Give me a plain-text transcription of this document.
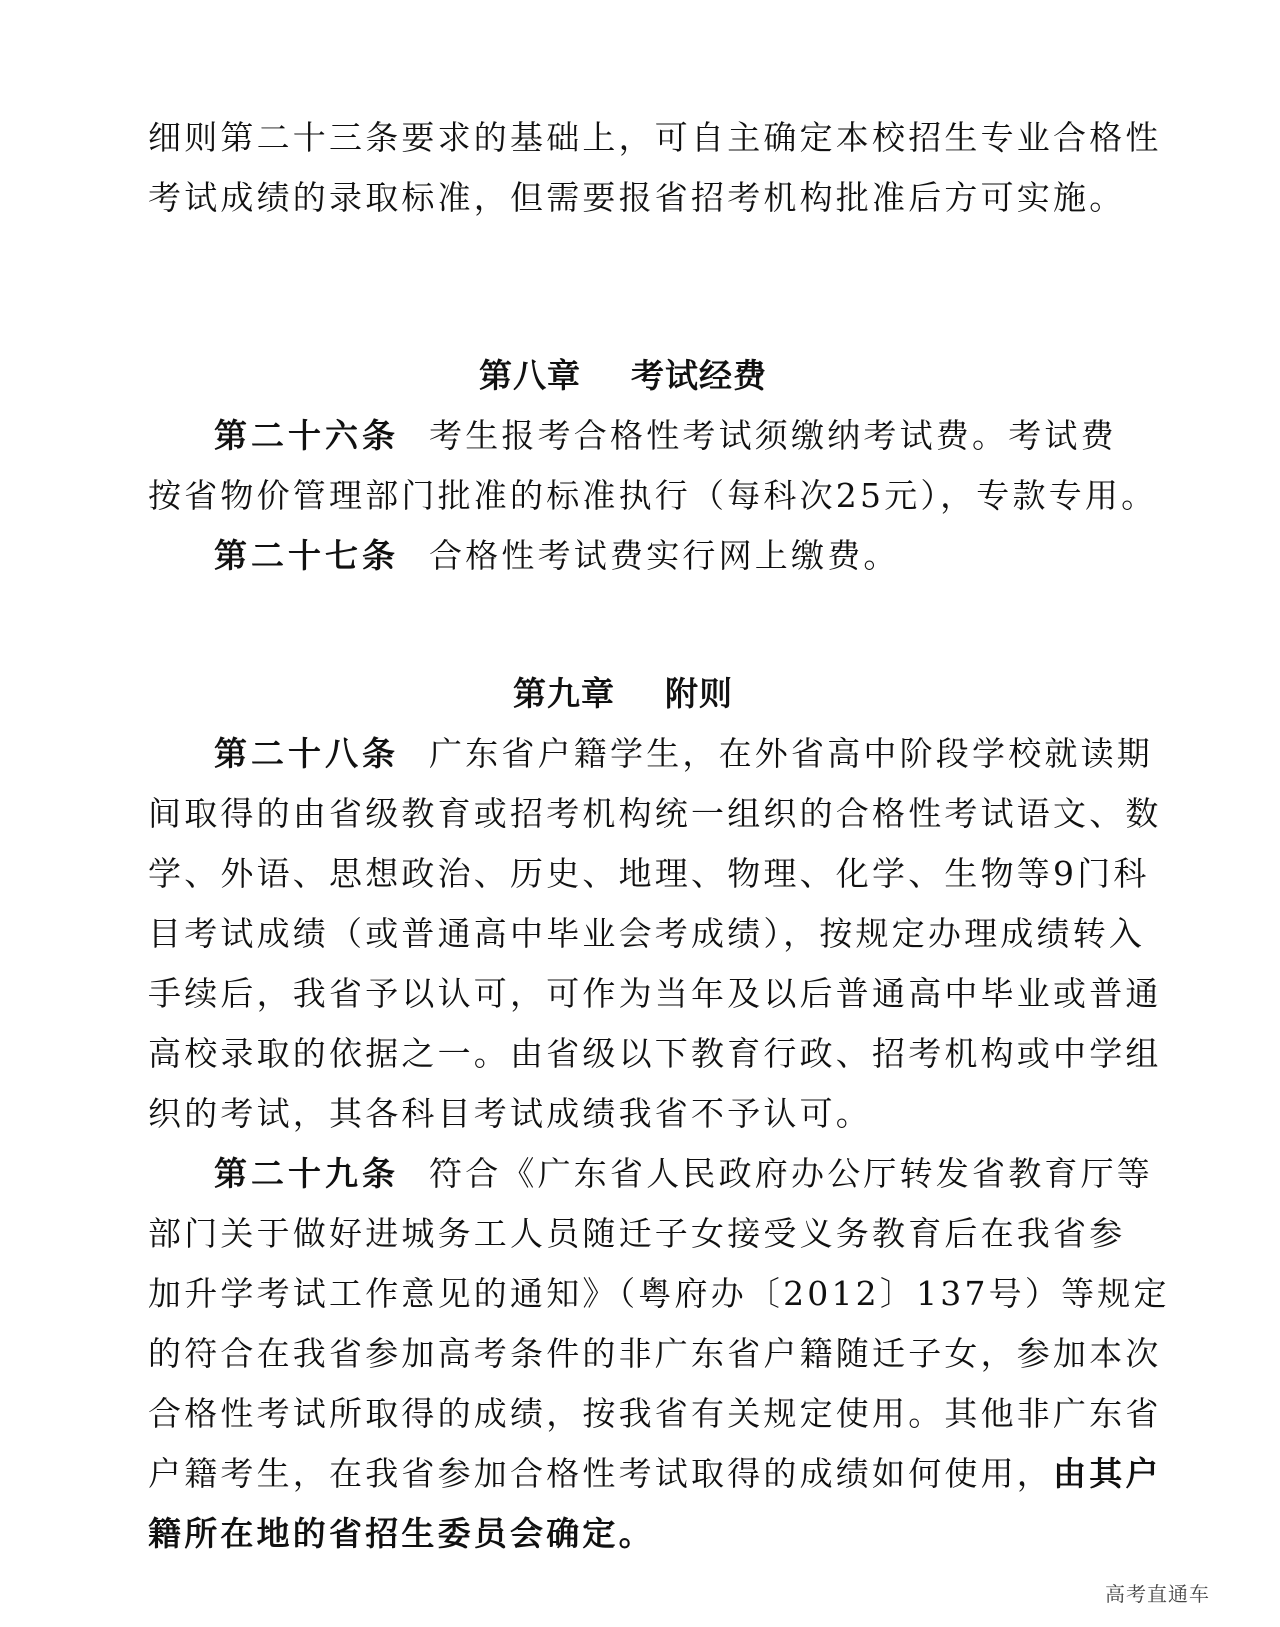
细则第二十三条要求的基础上，可自主确定本校招生专业合格性
考试成绩的录取标准，但需要报省招考机构批准后方可实施。
第八章 考试经费
第二十六条 考生报考合格性考试须缴纳考试费。考试费
按省物价管理部门批准的标准执行（每科次25元），专款专用。
第二十七条 合格性考试费实行网上缴费。
第九章 附则
第二十八条 广东省户籍学生，在外省高中阶段学校就读期
间取得的由省级教育或招考机构统一组织的合格性考试语文、数
学、外语、思想政治、历史、地理、物理、化学、生物等9门科
目考试成绩（或普通高中毕业会考成绩），按规定办理成绩转入
手续后，我省予以认可，可作为当年及以后普通高中毕业或普通
高校录取的依据之一。由省级以下教育行政、招考机构或中学组
织的考试，其各科目考试成绩我省不予认可。
第二十九条 符合《广东省人民政府办公厅转发省教育厅等
部门关于做好进城务工人员随迁子女接受义务教育后在我省参
加升学考试工作意见的通知》（粤府办〔2012〕137号）等规定
的符合在我省参加高考条件的非广东省户籍随迁子女，参加本次
合格性考试所取得的成绩，按我省有关规定使用。其他非广东省
户籍考生，在我省参加合格性考试取得的成绩如何使用，由其户
籍所在地的省招生委员会确定。
高考直通车
